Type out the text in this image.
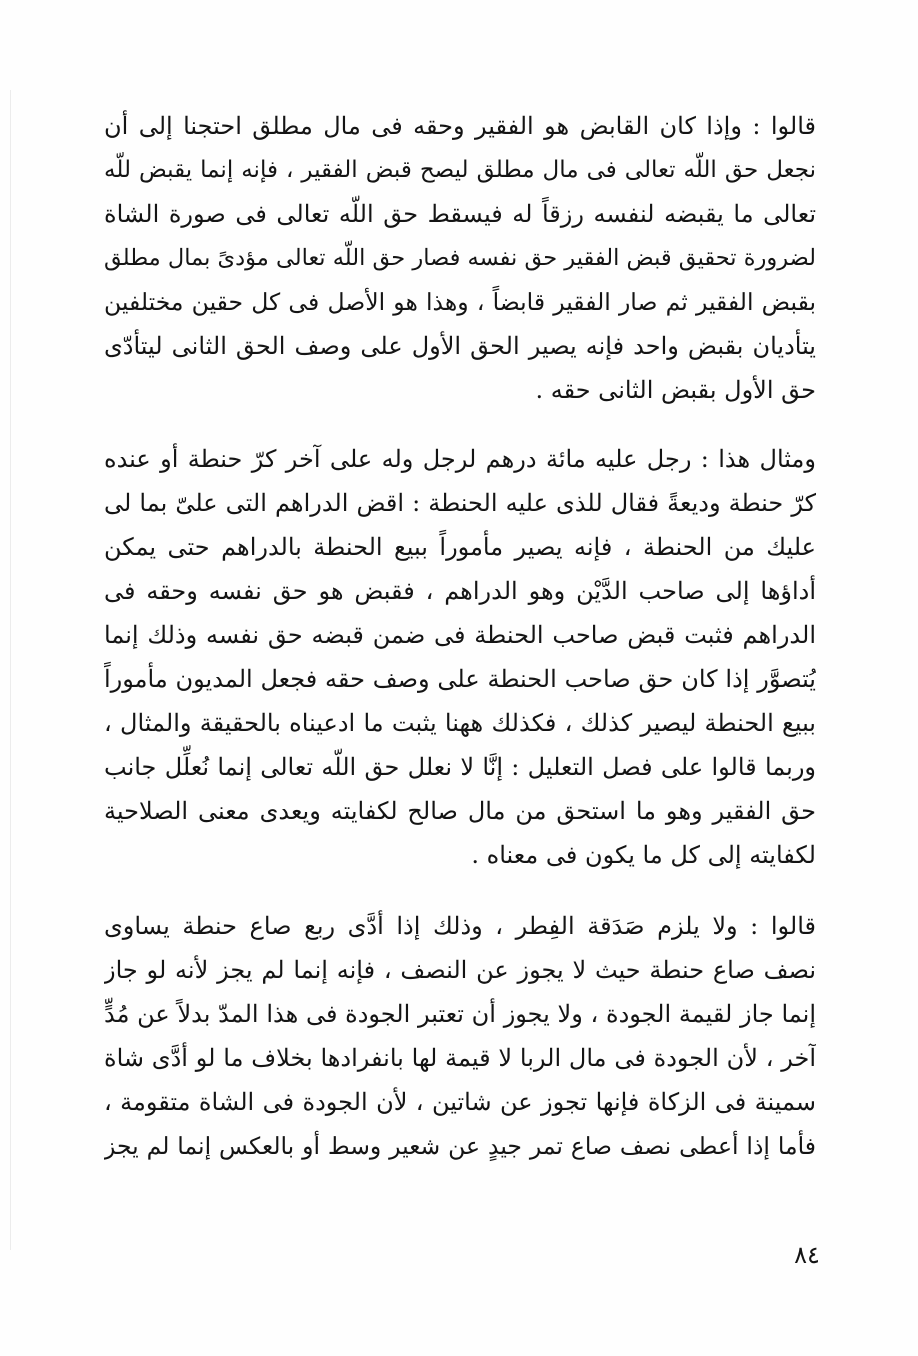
قالوا : وإذا كان القابض هو الفقير وحقه فى مال مطلق احتجنا إلى أن
نجعل حق اللّه تعالى فى مال مطلق ليصح قبض الفقير ، فإنه إنما يقبض للّه
تعالى ما يقبضه لنفسه رزقاً له فيسقط حق اللّه تعالى فى صورة الشاة
لضرورة تحقيق قبض الفقير حق نفسه فصار حق اللّه تعالى مؤدىً بمال مطلق
بقبض الفقير ثم صار الفقير قابضاً ، وهذا هو الأصل فى كل حقين مختلفين
يتأديان بقبض واحد فإنه يصير الحق الأول على وصف الحق الثانى ليتأدّى
حق الأول بقبض الثانى حقه .
ومثال هذا : رجل عليه مائة درهم لرجل وله على آخر كرّ حنطة أو عنده
كرّ حنطة وديعةً فقال للذى عليه الحنطة : اقض الدراهم التى علىّ بما لى
عليك من الحنطة ، فإنه يصير مأموراً ببيع الحنطة بالدراهم حتى يمكن
أداؤها إلى صاحب الدَّيْن وهو الدراهم ، فقبض هو حق نفسه وحقه فى
الدراهم فثبت قبض صاحب الحنطة فى ضمن قبضه حق نفسه وذلك إنما
يُتصوَّر إذا كان حق صاحب الحنطة على وصف حقه فجعل المديون مأموراً
ببيع الحنطة ليصير كذلك ، فكذلك ههنا يثبت ما ادعيناه بالحقيقة والمثال ،
وربما قالوا على فصل التعليل : إنَّا لا نعلل حق اللّه تعالى إنما نُعلِّل جانب
حق الفقير وهو ما استحق من مال صالح لكفايته ويعدى معنى الصلاحية
لكفايته إلى كل ما يكون فى معناه .
قالوا : ولا يلزم صَدَقة الفِطر ، وذلك إذا أدَّى ربع صاع حنطة يساوى
نصف صاع حنطة حيث لا يجوز عن النصف ، فإنه إنما لم يجز لأنه لو جاز
إنما جاز لقيمة الجودة ، ولا يجوز أن تعتبر الجودة فى هذا المدّ بدلاً عن مُدٍّ
آخر ، لأن الجودة فى مال الربا لا قيمة لها بانفرادها بخلاف ما لو أدَّى شاة
سمينة فى الزكاة فإنها تجوز عن شاتين ، لأن الجودة فى الشاة متقومة ،
فأما إذا أعطى نصف صاع تمر جيدٍ عن شعير وسط أو بالعكس إنما لم يجز
٨٤
